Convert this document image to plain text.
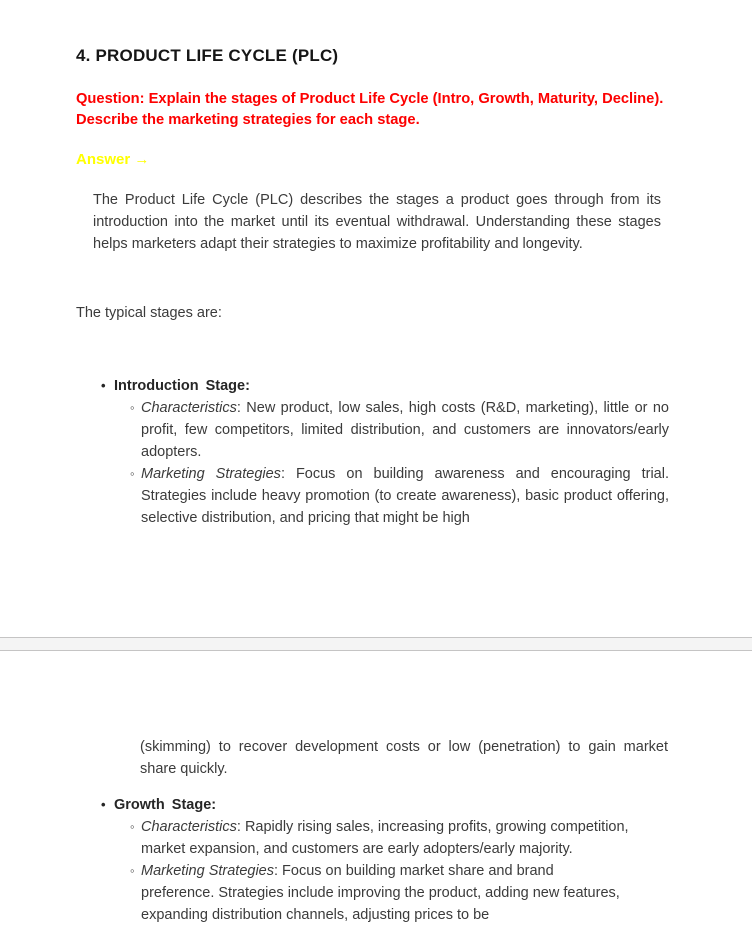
4. PRODUCT LIFE CYCLE (PLC)
Question: Explain the stages of Product Life Cycle (Intro, Growth, Maturity, Decline). Describe the marketing strategies for each stage.
Answer →

The Product Life Cycle (PLC) describes the stages a product goes through from its introduction into the market until its eventual withdrawal. Understanding these stages helps marketers adapt their strategies to maximize profitability and longevity.

The typical stages are:
• Introduction Stage:
◦ Characteristics: New product, low sales, high costs (R&D, marketing), little or no profit, few competitors, limited distribution, and customers are innovators/early adopters.
◦ Marketing Strategies: Focus on building awareness and encouraging trial. Strategies include heavy promotion (to create awareness), basic product offering, selective distribution, and pricing that might be high

(skimming) to recover development costs or low (penetration) to gain market share quickly.

• Growth Stage:
◦ Characteristics: Rapidly rising sales, increasing profits, growing competition, market expansion, and customers are early adopters/early majority.
◦ Marketing Strategies: Focus on building market share and brand preference. Strategies include improving the product, adding new features, expanding distribution channels, adjusting prices to be
